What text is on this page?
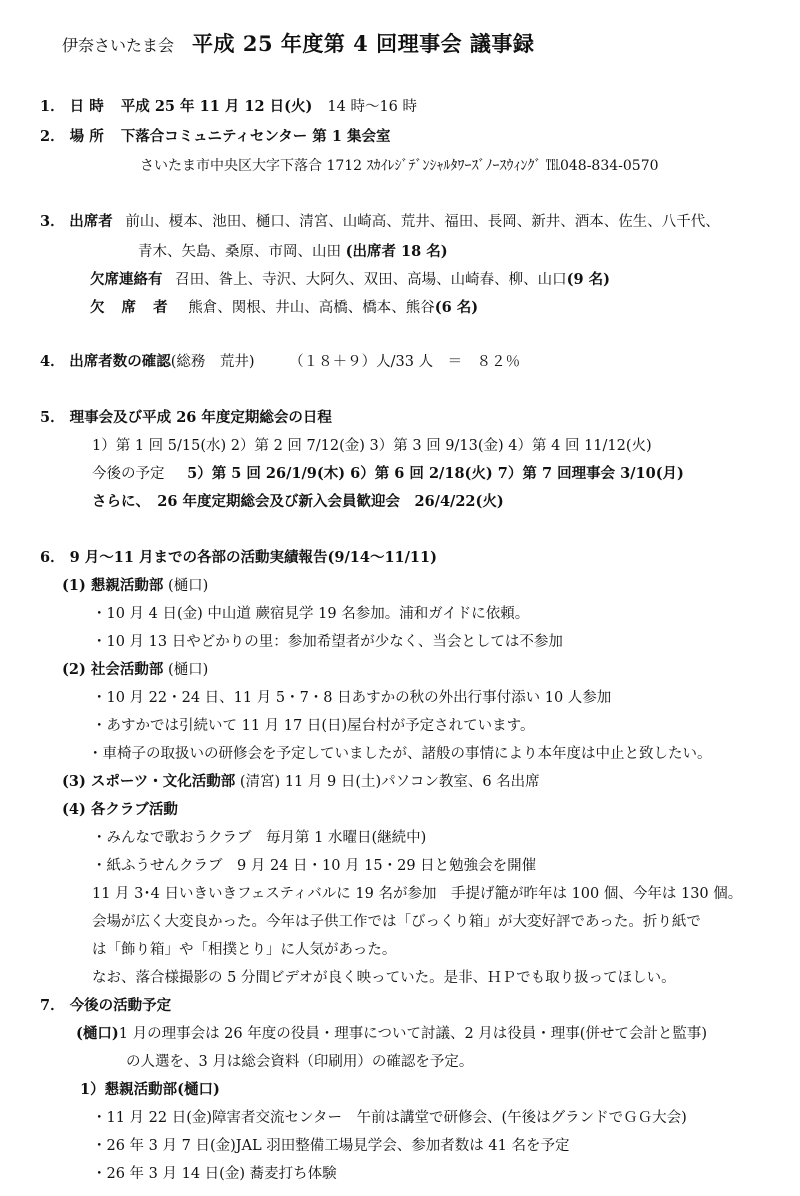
伊奈さいたま会 平成 25 年度第 4 回理事会 議事録
1． 日 時 平成 25 年 11 月 12 日(火) 14 時〜16 時
2． 場 所 下落合コミュニティセンター 第 1 集会室
さいたま市中央区大字下落合 1712 ｽｶｲﾚｼﾞﾃﾞﾝｼｬﾙﾀﾜｰｽﾞﾉｰｽｳｨﾝｸﾞ ℡048-834-0570
3． 出席者 前山、榎本、池田、樋口、清宮、山崎高、荒井、福田、長岡、新井、酒本、佐生、八千代、
青木、矢島、桑原、市岡、山田 (出席者 18 名)
欠席連絡有 召田、昝上、寺沢、大阿久、双田、高場、山崎春、柳、山口(9 名)
欠 席 者 熊倉、関根、井山、高橋、橋本、熊谷(6 名)
4． 出席者数の確認(総務　荒井) （１８＋９）人/33 人　＝　８２％
5． 理事会及び平成 26 年度定期総会の日程
1）第 1 回 5/15(水) 2）第 2 回 7/12(金) 3）第 3 回 9/13(金) 4）第 4 回 11/12(火)
今後の予定 5）第 5 回 26/1/9(木) 6）第 6 回 2/18(火) 7）第 7 回理事会 3/10(月)
さらに、　26 年度定期総会及び新入会員歓迎会　26/4/22(火)
6． 9 月〜11 月までの各部の活動実績報告(9/14〜11/11)
(1) 懇親活動部 (樋口)
・10 月 4 日(金) 中山道 蕨宿見学 19 名参加。浦和ガイドに依頼。
・10 月 13 日やどかりの里：参加希望者が少なく、当会としては不参加
(2) 社会活動部 (樋口)
・10 月 22・24 日、11 月 5・7・8 日あすかの秋の外出行事付添い 10 人参加
・あすかでは引続いて 11 月 17 日(日)屋台村が予定されています。
・車椅子の取扱いの研修会を予定していましたが、諸般の事情により本年度は中止と致したい。
(3) スポーツ・文化活動部 (清宮) 11 月 9 日(土)パソコン教室、6 名出席
(4) 各クラブ活動
・みんなで歌おうクラブ　毎月第 1 水曜日(継続中)
・紙ふうせんクラブ　9 月 24 日・10 月 15・29 日と勉強会を開催
11 月 3･4 日いきいきフェスティバルに 19 名が参加　手提げ籠が昨年は 100 個、今年は 130 個。
会場が広く大変良かった。今年は子供工作では「びっくり箱」が大変好評であった。折り紙で
は「飾り箱」や「相撲とり」に人気があった。
なお、落合様撮影の 5 分間ビデオが良く映っていた。是非、ＨＰでも取り扱ってほしい。
7． 今後の活動予定
(樋口)1 月の理事会は 26 年度の役員・理事について討議、2 月は役員・理事(併せて会計と監事)
の人選を、3 月は総会資料（印刷用）の確認を予定。
1）懇親活動部(樋口)
・11 月 22 日(金)障害者交流センター　午前は講堂で研修会、(午後はグランドでＧＧ大会)
・26 年 3 月 7 日(金)JAL 羽田整備工場見学会、参加者数は 41 名を予定
・26 年 3 月 14 日(金) 蕎麦打ち体験
